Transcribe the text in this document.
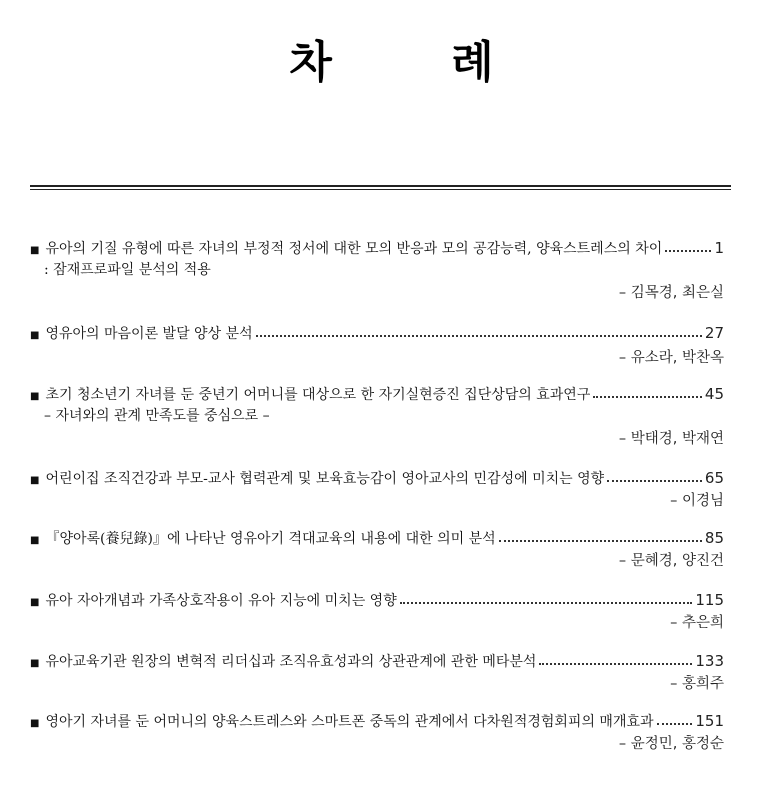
차 례
■ 유아의 기질 유형에 따른 자녀의 부정적 정서에 대한 모의 반응과 모의 공감능력, 양육스트레스의 차이	1
: 잠재프로파일 분석의 적용
– 김목경, 최은실
■ 영유아의 마음이론 발달 양상 분석	27
– 유소라, 박찬옥
■ 초기 청소년기 자녀를 둔 중년기 어머니를 대상으로 한 자기실현증진 집단상담의 효과연구	45
– 자녀와의 관계 만족도를 중심으로 –
– 박태경, 박재연
■ 어린이집 조직건강과 부모-교사 협력관계 및 보육효능감이 영아교사의 민감성에 미치는 영향	65
– 이경님
■ 『양아록(養兒錄)』에 나타난 영유아기 격대교육의 내용에 대한 의미 분석	85
– 문혜경, 양진건
■ 유아 자아개념과 가족상호작용이 유아 지능에 미치는 영향	115
– 추은희
■ 유아교육기관 원장의 변혁적 리더십과 조직유효성과의 상관관계에 관한 메타분석	133
– 홍희주
■ 영아기 자녀를 둔 어머니의 양육스트레스와 스마트폰 중독의 관계에서 다차원적경험회피의 매개효과	151
– 윤정민, 홍정순
